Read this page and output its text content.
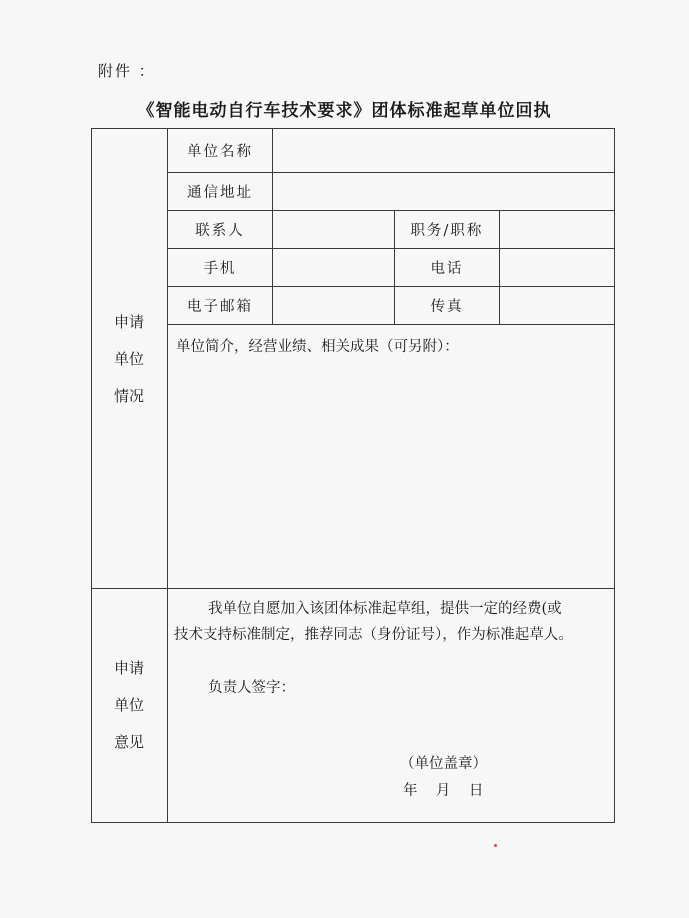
附件 ：
《智能电动自行车技术要求》团体标准起草单位回执
申请
单位
情况
单位名称
通信地址
联系人	职务/职称
手机	电话
电子邮箱	传真
单位简介，经营业绩、相关成果（可另附）：
申请
单位
意见
我单位自愿加入该团体标准起草组，提供一定的经费(或
技术支持标准制定，推荐同志（身份证号），作为标准起草人。
负责人签字：
（单位盖章）
年    月    日
